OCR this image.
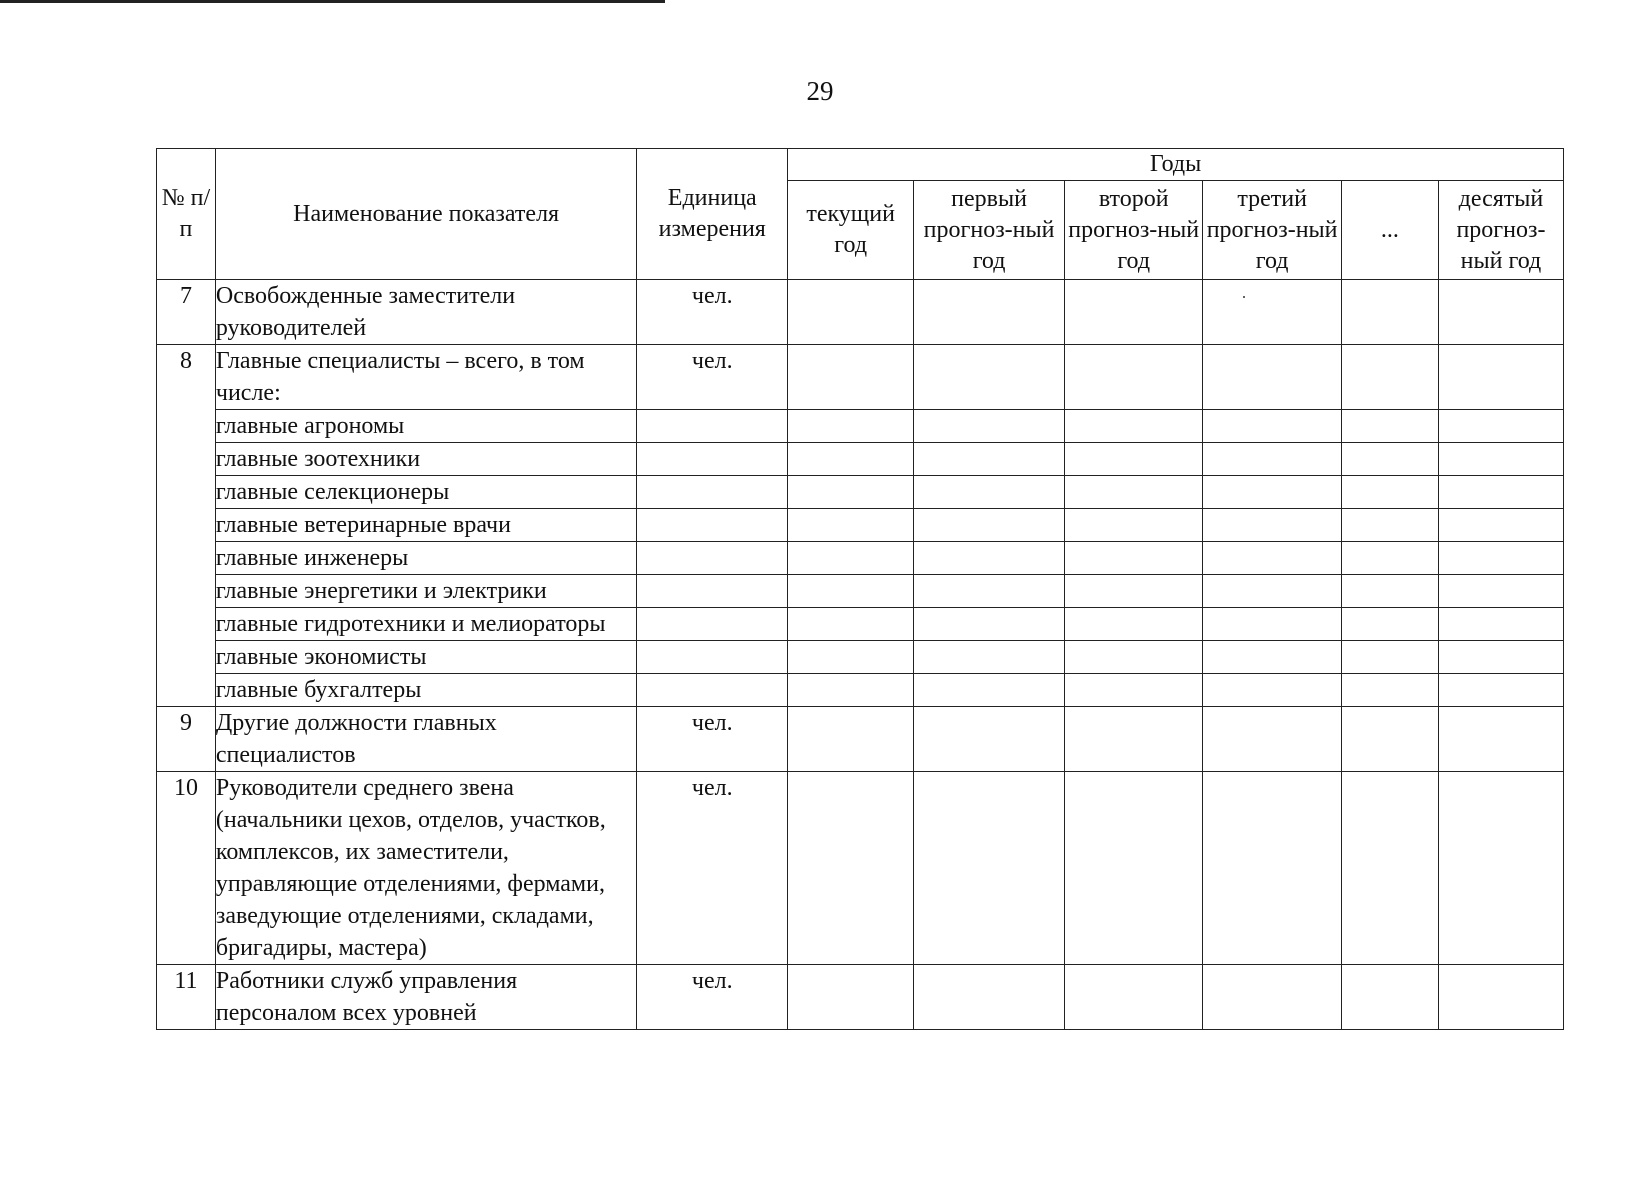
29
№ п/п	Наименование показателя	Единица измерения	Годы					
			текущий год	первый прогноз-ный год	второй прогноз-ный год	третий прогноз-ный год	...	десятый прогноз-ный год
7	Освобожденные заместители руководителей	чел.						
8	Главные специалисты – всего, в том числе:	чел.						
	главные агрономы							
	главные зоотехники							
	главные селекционеры							
	главные ветеринарные врачи							
	главные инженеры							
	главные энергетики и электрики							
	главные гидротехники и мелиораторы							
	главные экономисты							
	главные бухгалтеры							
9	Другие должности главных специалистов	чел.						
10	Руководители среднего звена (начальники цехов, отделов, участков, комплексов, их заместители, управляющие отделениями, фермами, заведующие отделениями, складами, бригадиры, мастера)	чел.						
11	Работники служб управления персоналом всех уровней	чел.						
